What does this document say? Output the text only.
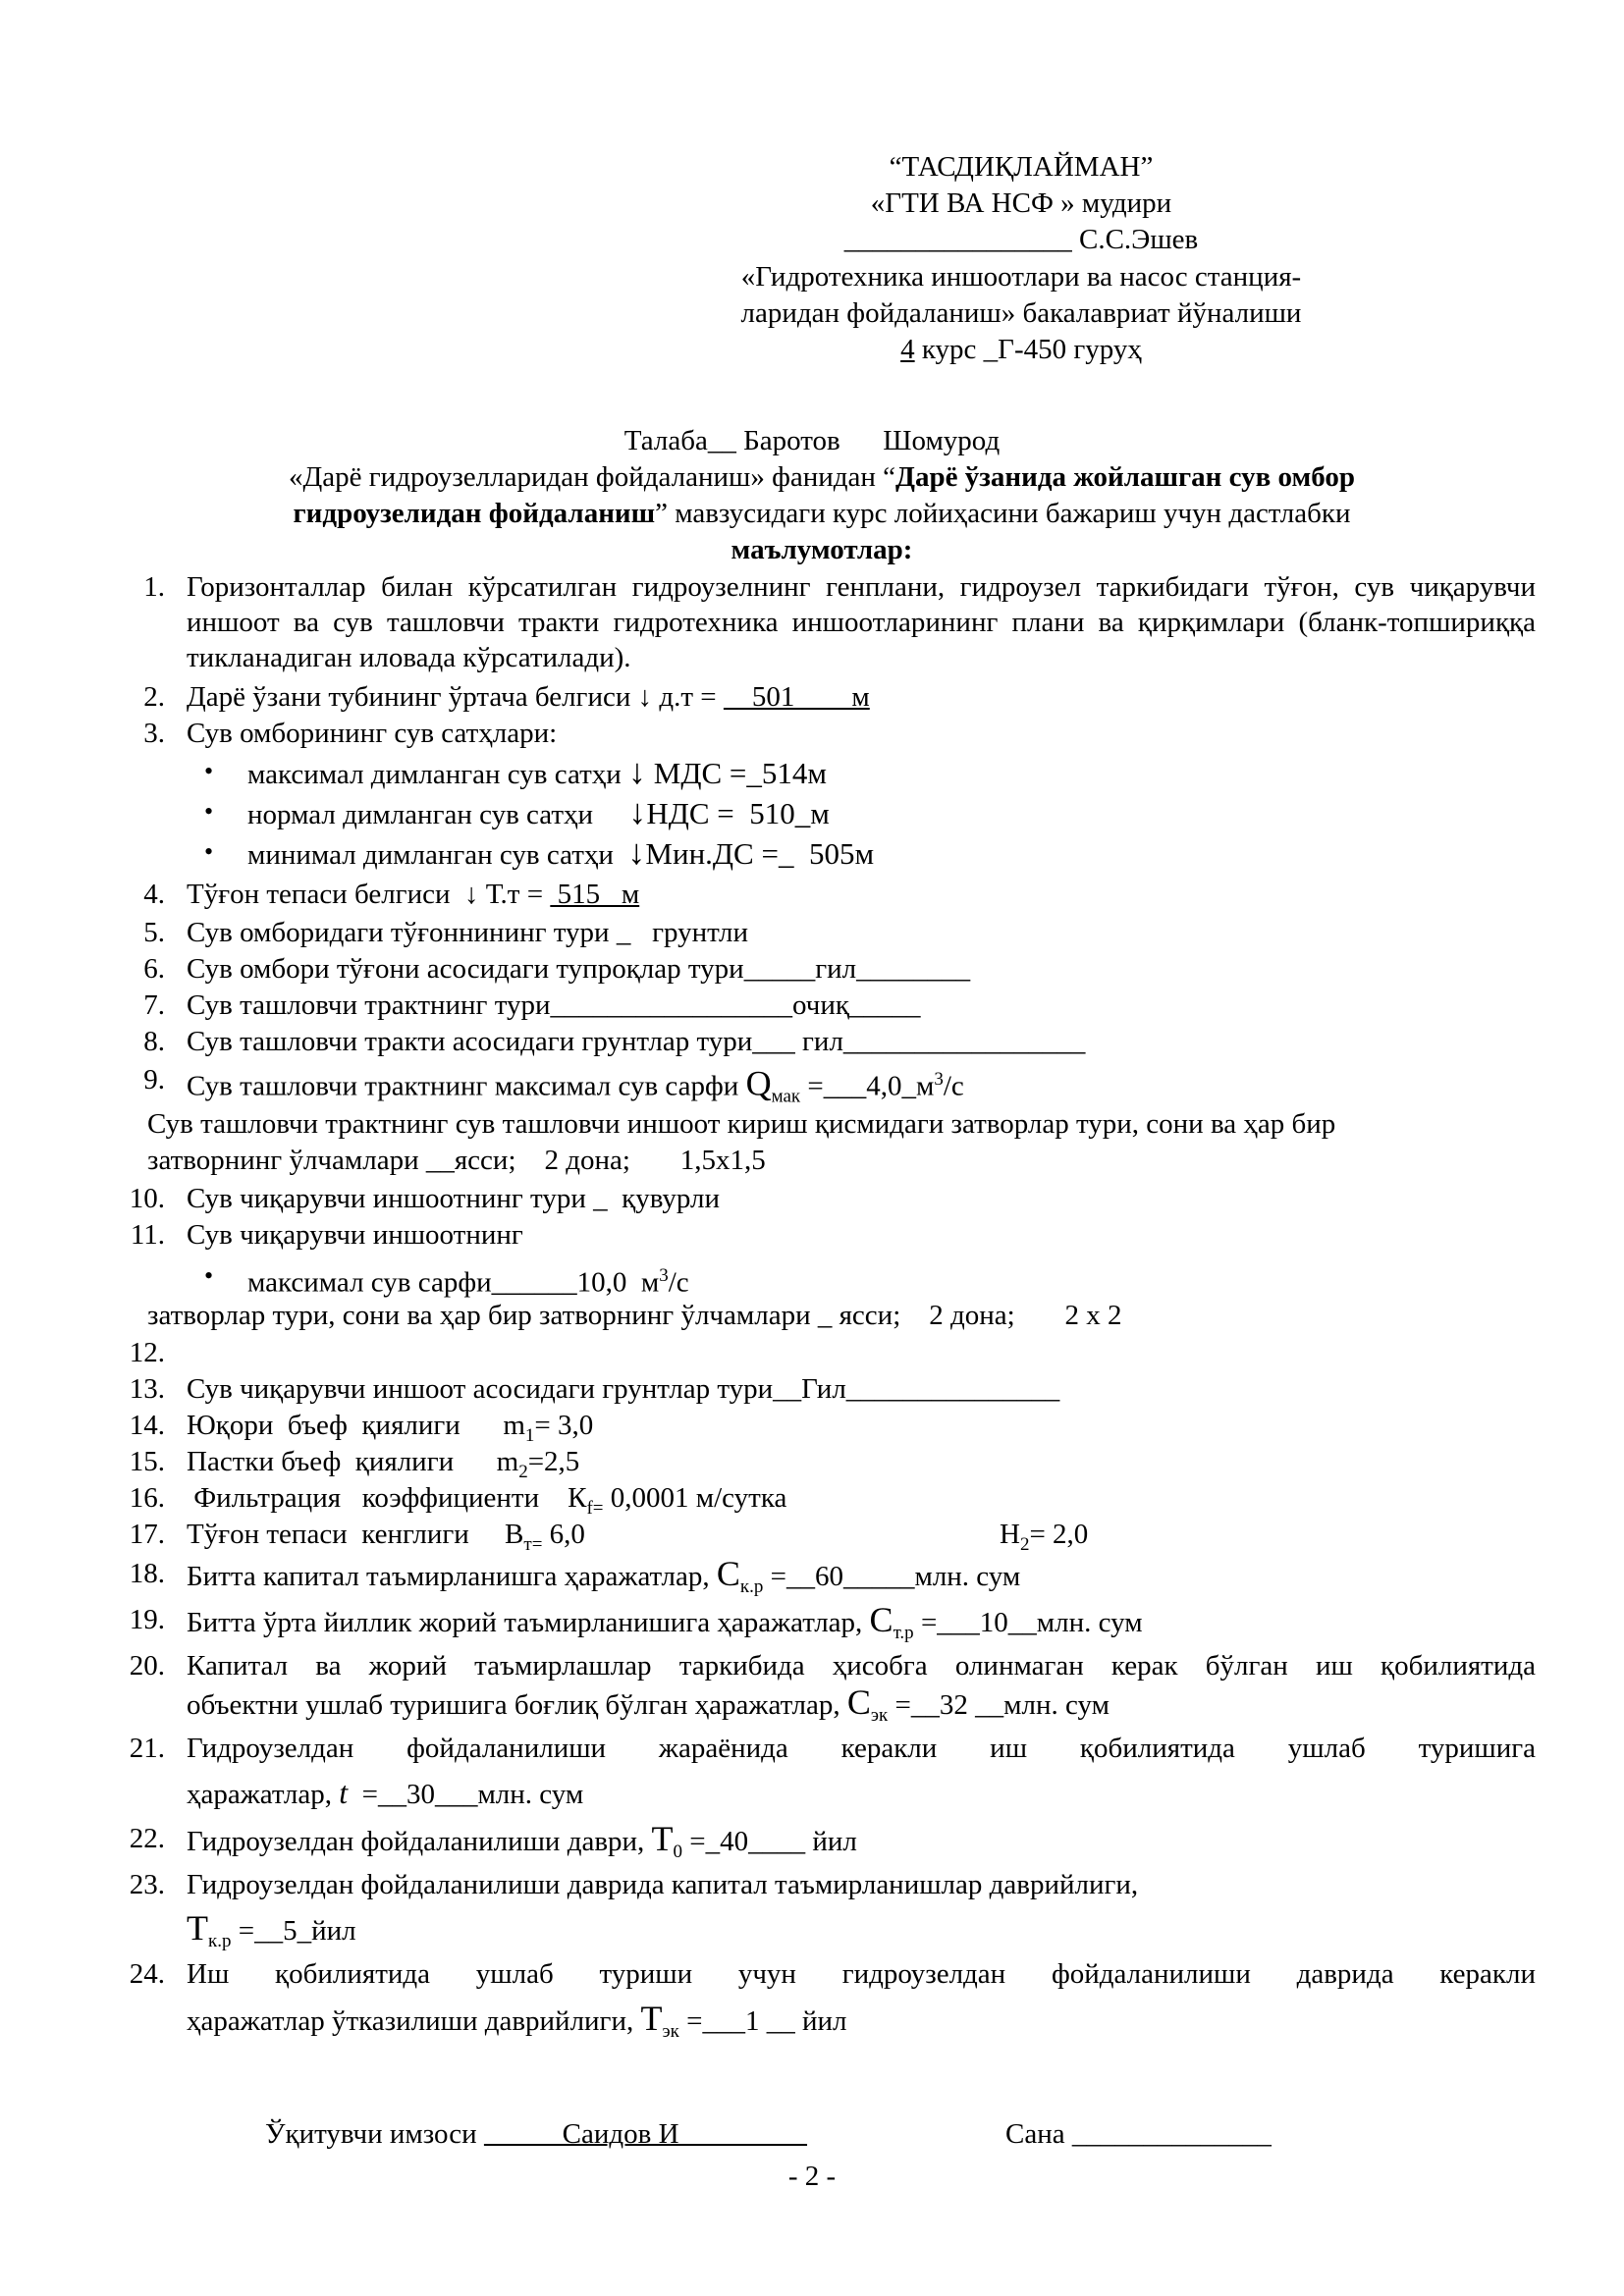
“ТАСДИҚЛАЙМАН”
«ГТИ ВА НСФ » мудири
________________ С.С.Эшев
«Гидротехника иншоотлари ва насос станция-
ларидан фойдаланиш» бакалавриат йўналиши
4 курс _Г-450 гуруҳ
Талаба__ Баротов      Шомурод
«Дарё гидроузелларидан фойдаланиш» фанидан “Дарё ўзанида жойлашган сув омбор
гидроузелидан фойдаланиш” мавзусидаги курс лойиҳасини бажариш учун дастлабки
маълумотлар:
1. Горизонталлар билан кўрсатилган гидроузелнинг генплани, гидроузел таркибидаги тўғон, сув чиқарувчи иншоот ва сув ташловчи тракти гидротехника иншоотларининг плани ва қирқимлари (бланк-топшириққа тикланадиган иловада кўрсатилади).
2. Дарё ўзани тубининг ўртача белгиси ↓ д.т =     501        м
3. Сув омборининг сув сатҳлари:
• максимал димланган сув сатҳи ↓ МДС =_514м
• нормал димланган сув сатҳи     ↓НДС =  510_м
• минимал димланган сув сатҳи  ↓Мин.ДС =_  505м
4. Тўғон тепаси белгиси  ↓ Т.т =  515   м
5. Сув омборидаги тўғоннининг тури _   грунтли
6. Сув омбори тўғони асосидаги тупроқлар тури_____гил________
7. Сув ташловчи трактнинг тури_________________очиқ_____
8. Сув ташловчи тракти асосидаги грунтлар тури___ гил_________________
9. Сув ташловчи трактнинг максимал сув сарфи $Q_{мак}$ $=\_\_\_4,0\_м^3/с$
Сув ташловчи трактнинг сув ташловчи иншоот кириш қисмидаги затворлар тури, сони ва ҳар бир
затворнинг ўлчамлари __ясси;    2 дона;       1,5х1,5
10. Сув чиқарувчи иншоотнинг тури _  қувурли
11. Сув чиқарувчи иншоотнинг
• максимал сув сарфи______10,0  $м^3/с$
затворлар тури, сони ва ҳар бир затворнинг ўлчамлари _ ясси;    2 дона;       2 х 2
12.
13. Сув чиқарувчи иншоот асосидаги грунтлар тури__Гил_______________
14. Юқори  бъеф  қиялиги      $m_1= 3,0$
15. Пастки бъеф  қиялиги      $m_2=2,5$
16. Фильтрация   коэффициенти    $К_{f=}$ 0,0001 м/сутка
17. Тўғон тепаси  кенглиги     $В_{т=}$ 6,0	$H_2= 2,0$
18. Битта капитал таъмирланишга ҳаражатлар, $С_{к.р}$ =__60_____млн. сум
19. Битта ўрта йиллик жорий таъмирланишига ҳаражатлар, $С_{т.р}$ =___10__млн. сум
20. Капитал ва жорий таъмирлашлар таркибида ҳисобга олинмаган керак бўлган иш қобилиятида
объектни ушлаб туришига боғлиқ бўлган ҳаражатлар, $С_{эк}$ =__32 __млн. сум
21. Гидроузелдан фойдаланилиши жараёнида керакли иш қобилиятида ушлаб туришига
ҳаражатлар, t  =__30___млн. сум
22. Гидроузелдан фойдаланилиши даври, $Т_0$ =_40____ йил
23. Гидроузелдан фойдаланилиши даврида капитал таъмирланишлар даврийлиги,
$Т_{к.р}$ =__5_йил
24. Иш қобилиятида ушлаб туриши учун гидроузелдан фойдаланилиши даврида керакли
ҳаражатлар ўтказилиши даврийлиги, $Т_{эк}$ =___1 __ йил
Ўқитувчи имзоси            Саидов И	Сана ______________
- 2 -
